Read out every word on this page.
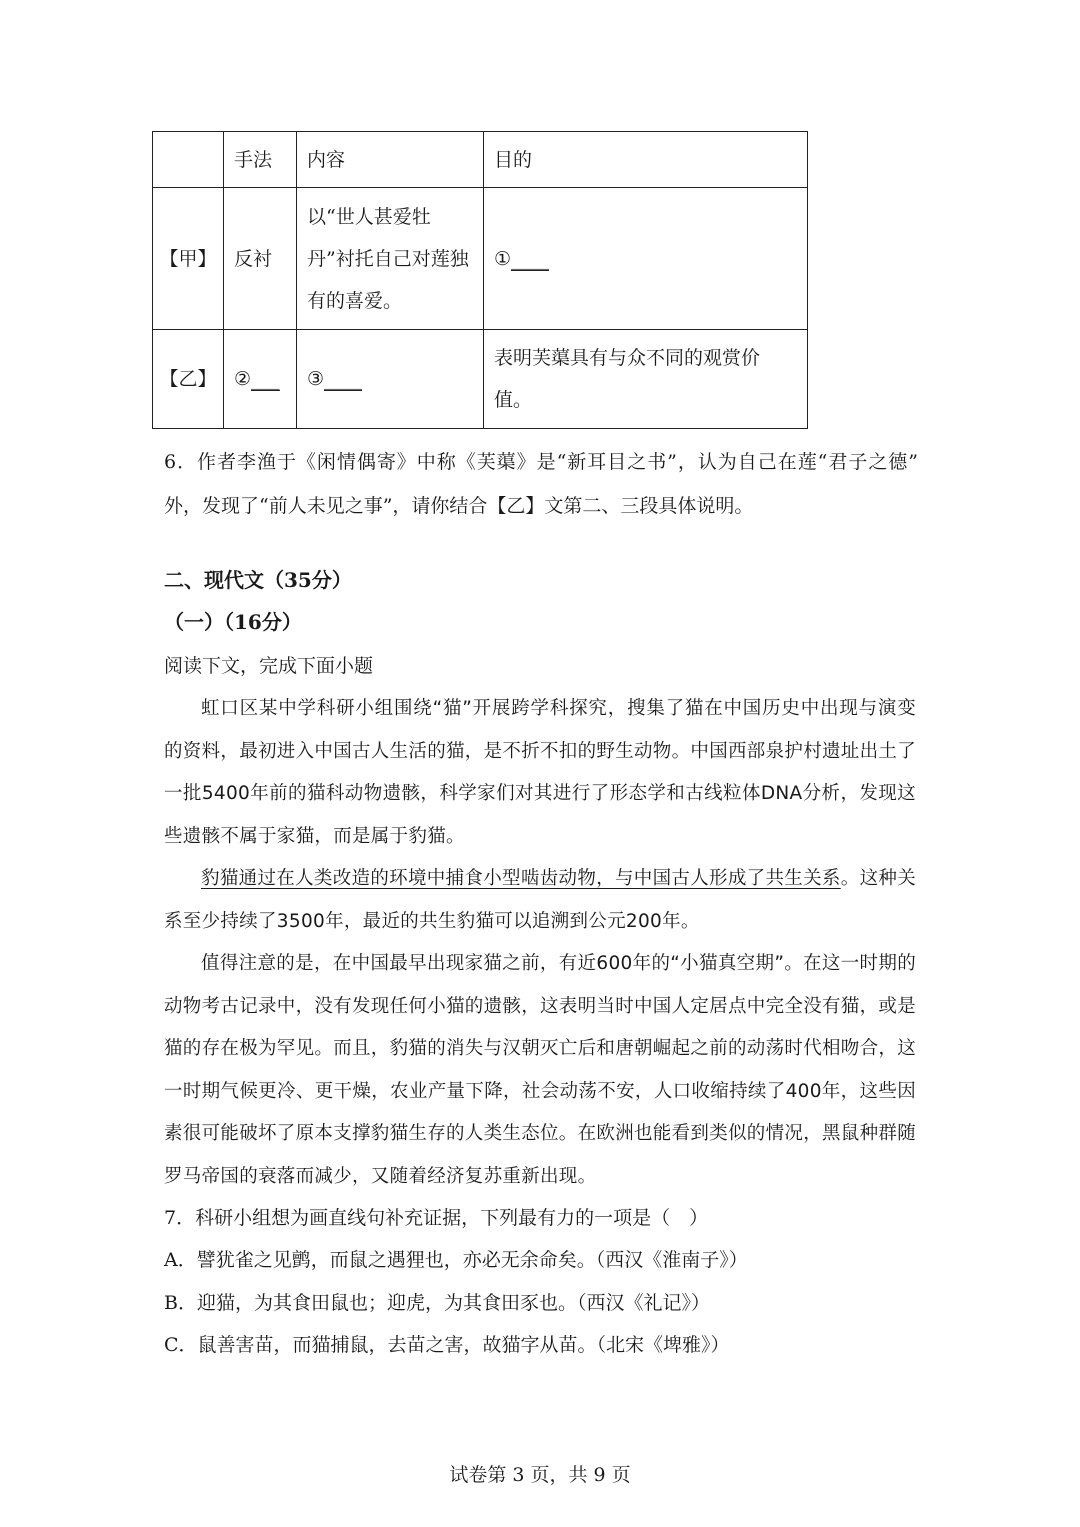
	手法	内容	目的
【甲】	反衬	以“世人甚爱牡丹”衬托自己对莲独有的喜爱。	①____
【乙】	②___	③____	表明芙蕖具有与众不同的观赏价值。

6．作者李渔于《闲情偶寄》中称《芙蕖》是“新耳目之书”，认为自己在莲“君子之德” 外，发现了“前人未见之事”，请你结合【乙】文第二、三段具体说明。

二、现代文（35分）

（一）（16分）

阅读下文，完成下面小题

虹口区某中学科研小组围绕“猫”开展跨学科探究，搜集了猫在中国历史中出现与演变的资料，最初进入中国古人生活的猫，是不折不扣的野生动物。中国西部泉护村遗址出土了一批5400年前的猫科动物遗骸，科学家们对其进行了形态学和古线粒体DNA分析，发现这些遗骸不属于家猫，而是属于豹猫。

豹猫通过在人类改造的环境中捕食小型啮齿动物，与中国古人形成了共生关系。这种关系至少持续了3500年，最近的共生豹猫可以追溯到公元200年。

值得注意的是，在中国最早出现家猫之前，有近600年的“小猫真空期”。在这一时期的动物考古记录中，没有发现任何小猫的遗骸，这表明当时中国人定居点中完全没有猫，或是猫的存在极为罕见。而且，豹猫的消失与汉朝灭亡后和唐朝崛起之前的动荡时代相吻合，这一时期气候更冷、更干燥，农业产量下降，社会动荡不安，人口收缩持续了400年，这些因素很可能破坏了原本支撑豹猫生存的人类生态位。在欧洲也能看到类似的情况，黑鼠种群随罗马帝国的衰落而减少，又随着经济复苏重新出现。

7．科研小组想为画直线句补充证据，下列最有力的一项是（　）

A．譬犹雀之见鹯，而鼠之遇狸也，亦必无余命矣。（西汉《淮南子》）

B．迎猫，为其食田鼠也；迎虎，为其食田豕也。（西汉《礼记》）

C．鼠善害苗，而猫捕鼠，去苗之害，故猫字从苗。（北宋《埤雅》）

试卷第 3 页，共 9 页
